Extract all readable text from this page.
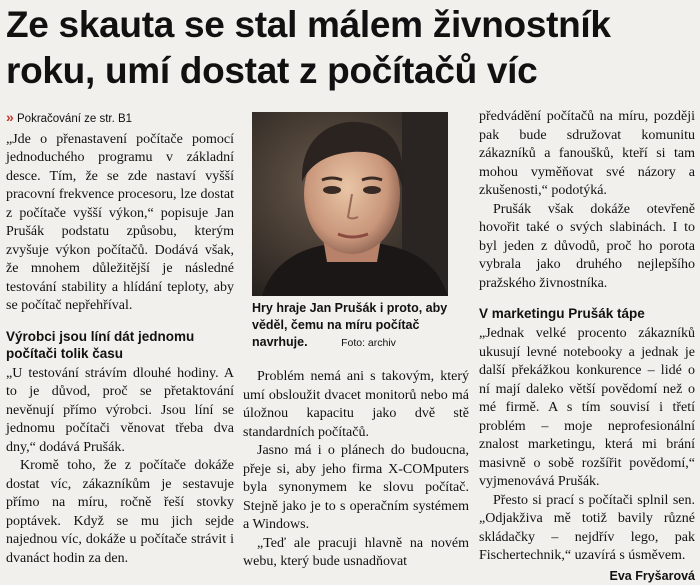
Ze skauta se stal málem živnostník
roku, umí dostat z počítačů víc

» Pokračování ze str. B1

„Jde o přenastavení počítače pomocí jednoduchého programu v základní desce. Tím, že se zde nastaví vyšší pracovní frekvence procesoru, lze dostat z počítače vyšší výkon,“ popisuje Jan Prušák podstatu způsobu, kterým zvyšuje výkon počítačů. Dodává však, že mnohem důležitější je následné testování stability a hlídání teploty, aby se počítač nepřehříval.

Výrobci jsou líní dát jednomu počítači tolik času

„U testování strávím dlouhé hodiny. A to je důvod, proč se přetaktování nevěnují přímo výrobci. Jsou líní se jednomu počítači věnovat třeba dva dny,“ dodává Prušák.

Kromě toho, že z počítače dokáže dostat víc, zákazníkům je sestavuje přímo na míru, ročně řeší stovky poptávek. Když se mu jich sejde najednou víc, dokáže u počítače strávit i dvanáct hodin za den.

Hry hraje Jan Prušák i proto, aby věděl, čemu na míru počítač navrhuje.	Foto: archiv

Problém nemá ani s takovým, který umí obsloužit dvacet monitorů nebo má úložnou kapacitu jako dvě stě standardních počítačů.

Jasno má i o plánech do budoucna, přeje si, aby jeho firma X-COMputers byla synonymem ke slovu počítač. Stejně jako je to s operačním systémem a Windows.

„Teď ale pracuji hlavně na novém webu, který bude usnadňovat

předvádění počítačů na míru, později pak bude sdružovat komunitu zákazníků a fanoušků, kteří si tam mohou vyměňovat své názory a zkušenosti,“ podotýká.

Prušák však dokáže otevřeně hovořit také o svých slabinách. I to byl jeden z důvodů, proč ho porota vybrala jako druhého nejlepšího pražského živnostníka.

V marketingu Prušák tápe

„Jednak velké procento zákazníků ukusují levné notebooky a jednak je další překážkou konkurence – lidé o ní mají daleko větší povědomí než o mé firmě. A s tím souvisí i třetí problém – moje neprofesionální znalost marketingu, která mi brání masivně o sobě rozšířit povědomí,“ vyjmenovává Prušák.

Přesto si prací s počítači splnil sen. „Odjakživa mě totiž bavily různé skládačky – nejdřív lego, pak Fischertechnik,“ uzavírá s úsměvem.

Eva Fryšarová
